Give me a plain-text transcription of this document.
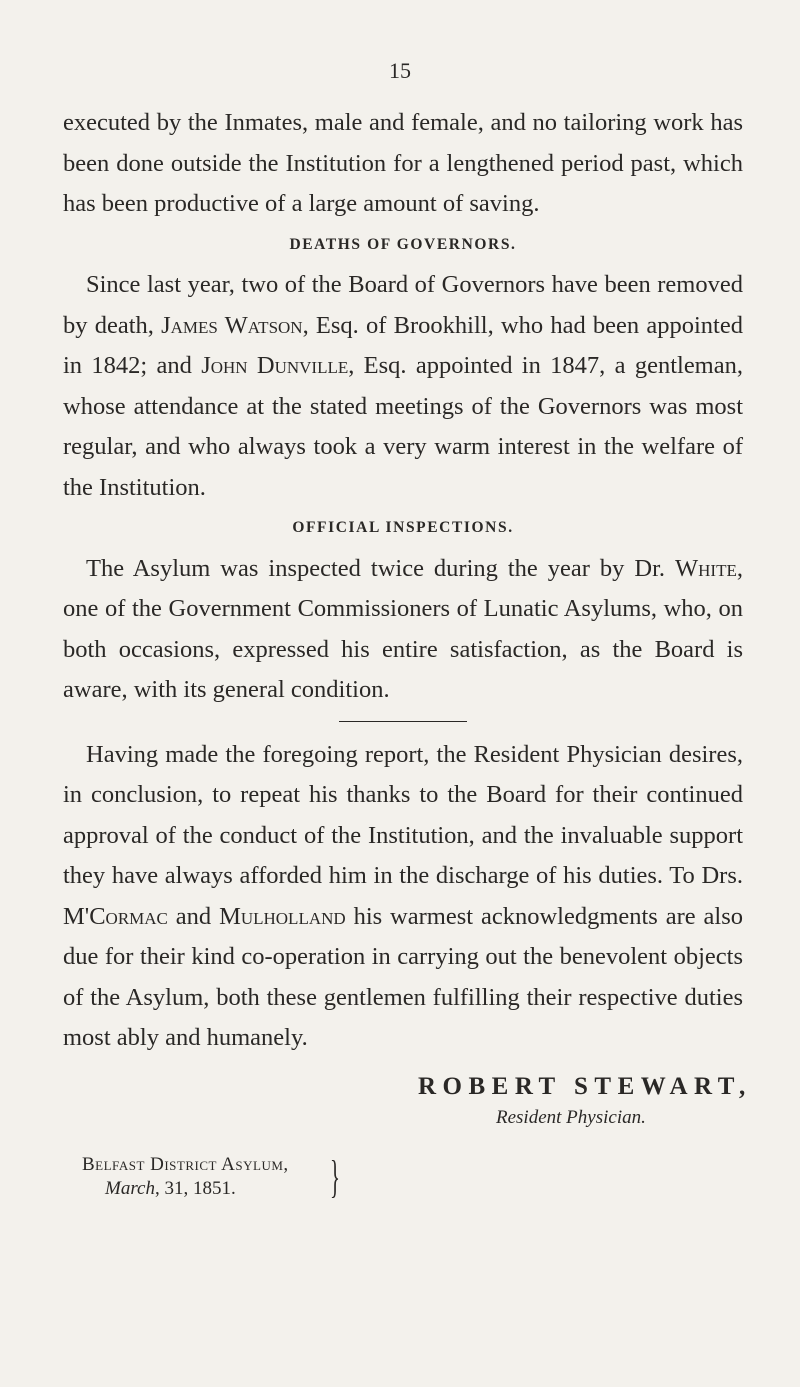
15

executed by the Inmates, male and female, and no tailoring work has been done outside the Institution for a lengthened period past, which has been productive of a large amount of saving.

DEATHS OF GOVERNORS.

Since last year, two of the Board of Governors have been removed by death, James Watson, Esq. of Brookhill, who had been appointed in 1842; and John Dunville, Esq. appointed in 1847, a gentleman, whose attendance at the stated meetings of the Governors was most regular, and who always took a very warm interest in the welfare of the Institution.

OFFICIAL INSPECTIONS.

The Asylum was inspected twice during the year by Dr. White, one of the Government Commissioners of Lunatic Asylums, who, on both occasions, expressed his entire satisfaction, as the Board is aware, with its general condition.

Having made the foregoing report, the Resident Physician desires, in conclusion, to repeat his thanks to the Board for their continued approval of the conduct of the Institution, and the invaluable support they have always afforded him in the discharge of his duties. To Drs. M'Cormac and Mulholland his warmest acknowledgments are also due for their kind co-operation in carrying out the benevolent objects of the Asylum, both these gentlemen fulfilling their respective duties most ably and humanely.

ROBERT STEWART,
Resident Physician.
Belfast District Asylum,
March, 31, 1851.	}
